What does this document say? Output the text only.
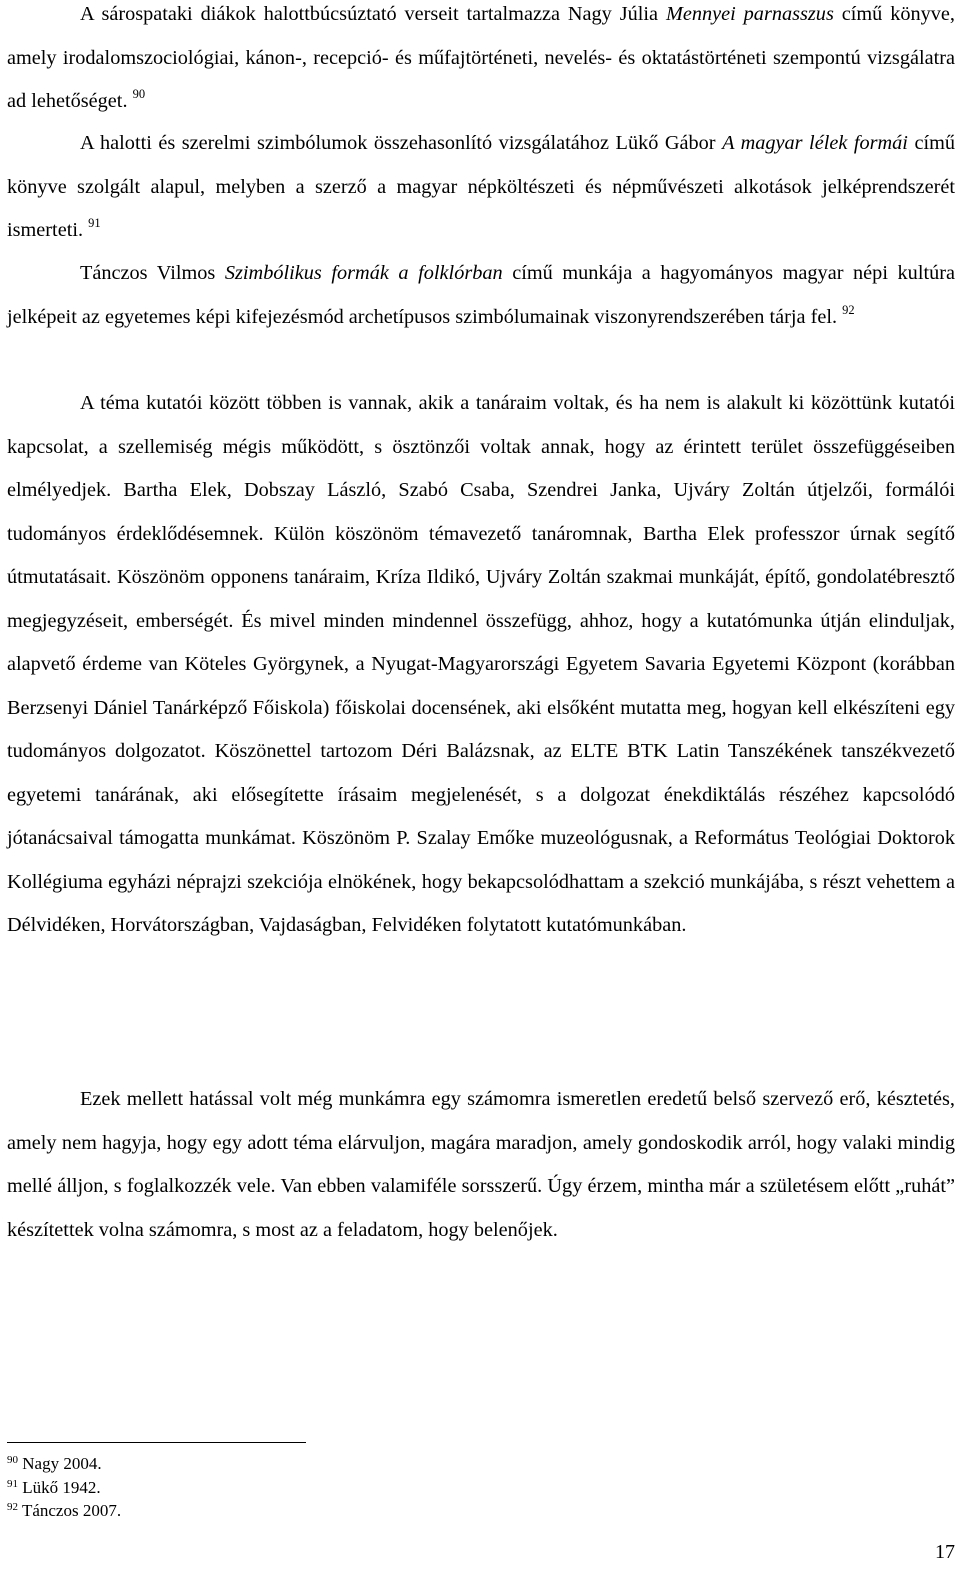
A sárospataki diákok halottbúcsúztató verseit tartalmazza Nagy Júlia Mennyei parnasszus című könyve, amely irodalomszociológiai, kánon-, recepció- és műfajtörténeti, nevelés- és oktatástörténeti szempontú vizsgálatra ad lehetőséget. $^{90}$

A halotti és szerelmi szimbólumok összehasonlító vizsgálatához Lükő Gábor A magyar lélek formái című könyve szolgált alapul, melyben a szerző a magyar népköltészeti és népművészeti alkotások jelképrendszerét ismerteti. $^{91}$

Tánczos Vilmos Szimbólikus formák a folklórban című munkája a hagyományos magyar népi kultúra jelképeit az egyetemes képi kifejezésmód archetípusos szimbólumainak viszonyrendszerében tárja fel. $^{92}$

A téma kutatói között többen is vannak, akik a tanáraim voltak, és ha nem is alakult ki közöttünk kutatói kapcsolat, a szellemiség mégis működött, s ösztönzői voltak annak, hogy az érintett terület összefüggéseiben elmélyedjek. Bartha Elek, Dobszay László, Szabó Csaba, Szendrei Janka, Ujváry Zoltán útjelzői, formálói tudományos érdeklődésemnek. Külön köszönöm témavezető tanáromnak, Bartha Elek professzor úrnak segítő útmutatásait. Köszönöm opponens tanáraim, Kríza Ildikó, Ujváry Zoltán szakmai munkáját, építő, gondolatébresztő megjegyzéseit, emberségét. És mivel minden mindennel összefügg, ahhoz, hogy a kutatómunka útján elinduljak, alapvető érdeme van Köteles Györgynek, a Nyugat-Magyarországi Egyetem Savaria Egyetemi Központ (korábban Berzsenyi Dániel Tanárképző Főiskola) főiskolai docensének, aki elsőként mutatta meg, hogyan kell elkészíteni egy tudományos dolgozatot. Köszönettel tartozom Déri Balázsnak, az ELTE BTK Latin Tanszékének tanszékvezető egyetemi tanárának, aki elősegítette írásaim megjelenését, s a dolgozat énekdiktálás részéhez kapcsolódó jótanácsaival támogatta munkámat. Köszönöm P. Szalay Emőke muzeológusnak, a Református Teológiai Doktorok Kollégiuma egyházi néprajzi szekciója elnökének, hogy bekapcsolódhattam a szekció munkájába, s részt vehettem a Délvidéken, Horvátországban, Vajdaságban, Felvidéken folytatott kutatómunkában.

Ezek mellett hatással volt még munkámra egy számomra ismeretlen eredetű belső szervező erő, késztetés, amely nem hagyja, hogy egy adott téma elárvuljon, magára maradjon, amely gondoskodik arról, hogy valaki mindig mellé álljon, s foglalkozzék vele. Van ebben valamiféle sorsszerű. Úgy érzem, mintha már a születésem előtt „ruhát” készítettek volna számomra, s most az a feladatom, hogy belenőjek.

$^{90}$ Nagy 2004.

$^{91}$ Lükő 1942.

$^{92}$ Tánczos 2007.

17
